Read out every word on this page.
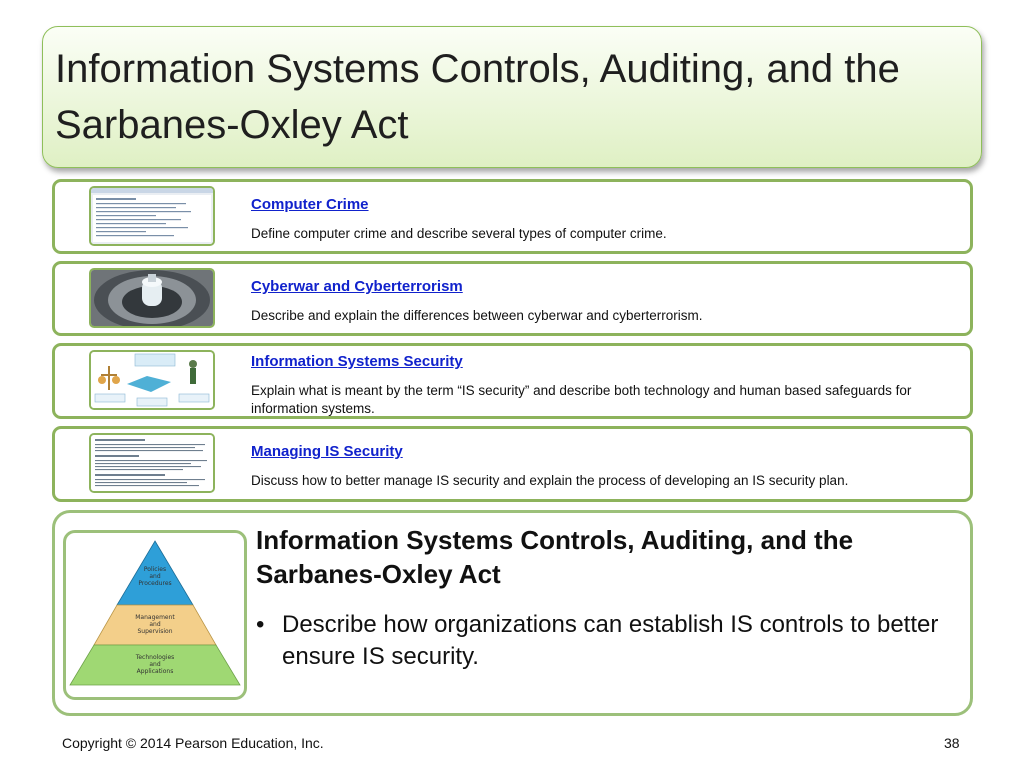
Information Systems Controls, Auditing, and the Sarbanes-Oxley Act
Computer Crime
Define computer crime and describe several types of computer crime.
Cyberwar and Cyberterrorism
Describe and explain the differences between cyberwar and cyberterrorism.
Information Systems Security
Explain what is meant by the term “IS security” and describe both technology and human based safeguards for information systems.
Managing IS Security
Discuss how to better manage IS security and explain the process of developing an IS security plan.
Policies
and
Procedures
Management
and
Supervision
Technologies
and
Applications
Information Systems Controls, Auditing, and the Sarbanes-Oxley Act
• Describe how organizations can establish IS controls to better ensure IS security.
Copyright © 2014 Pearson Education, Inc.	38
